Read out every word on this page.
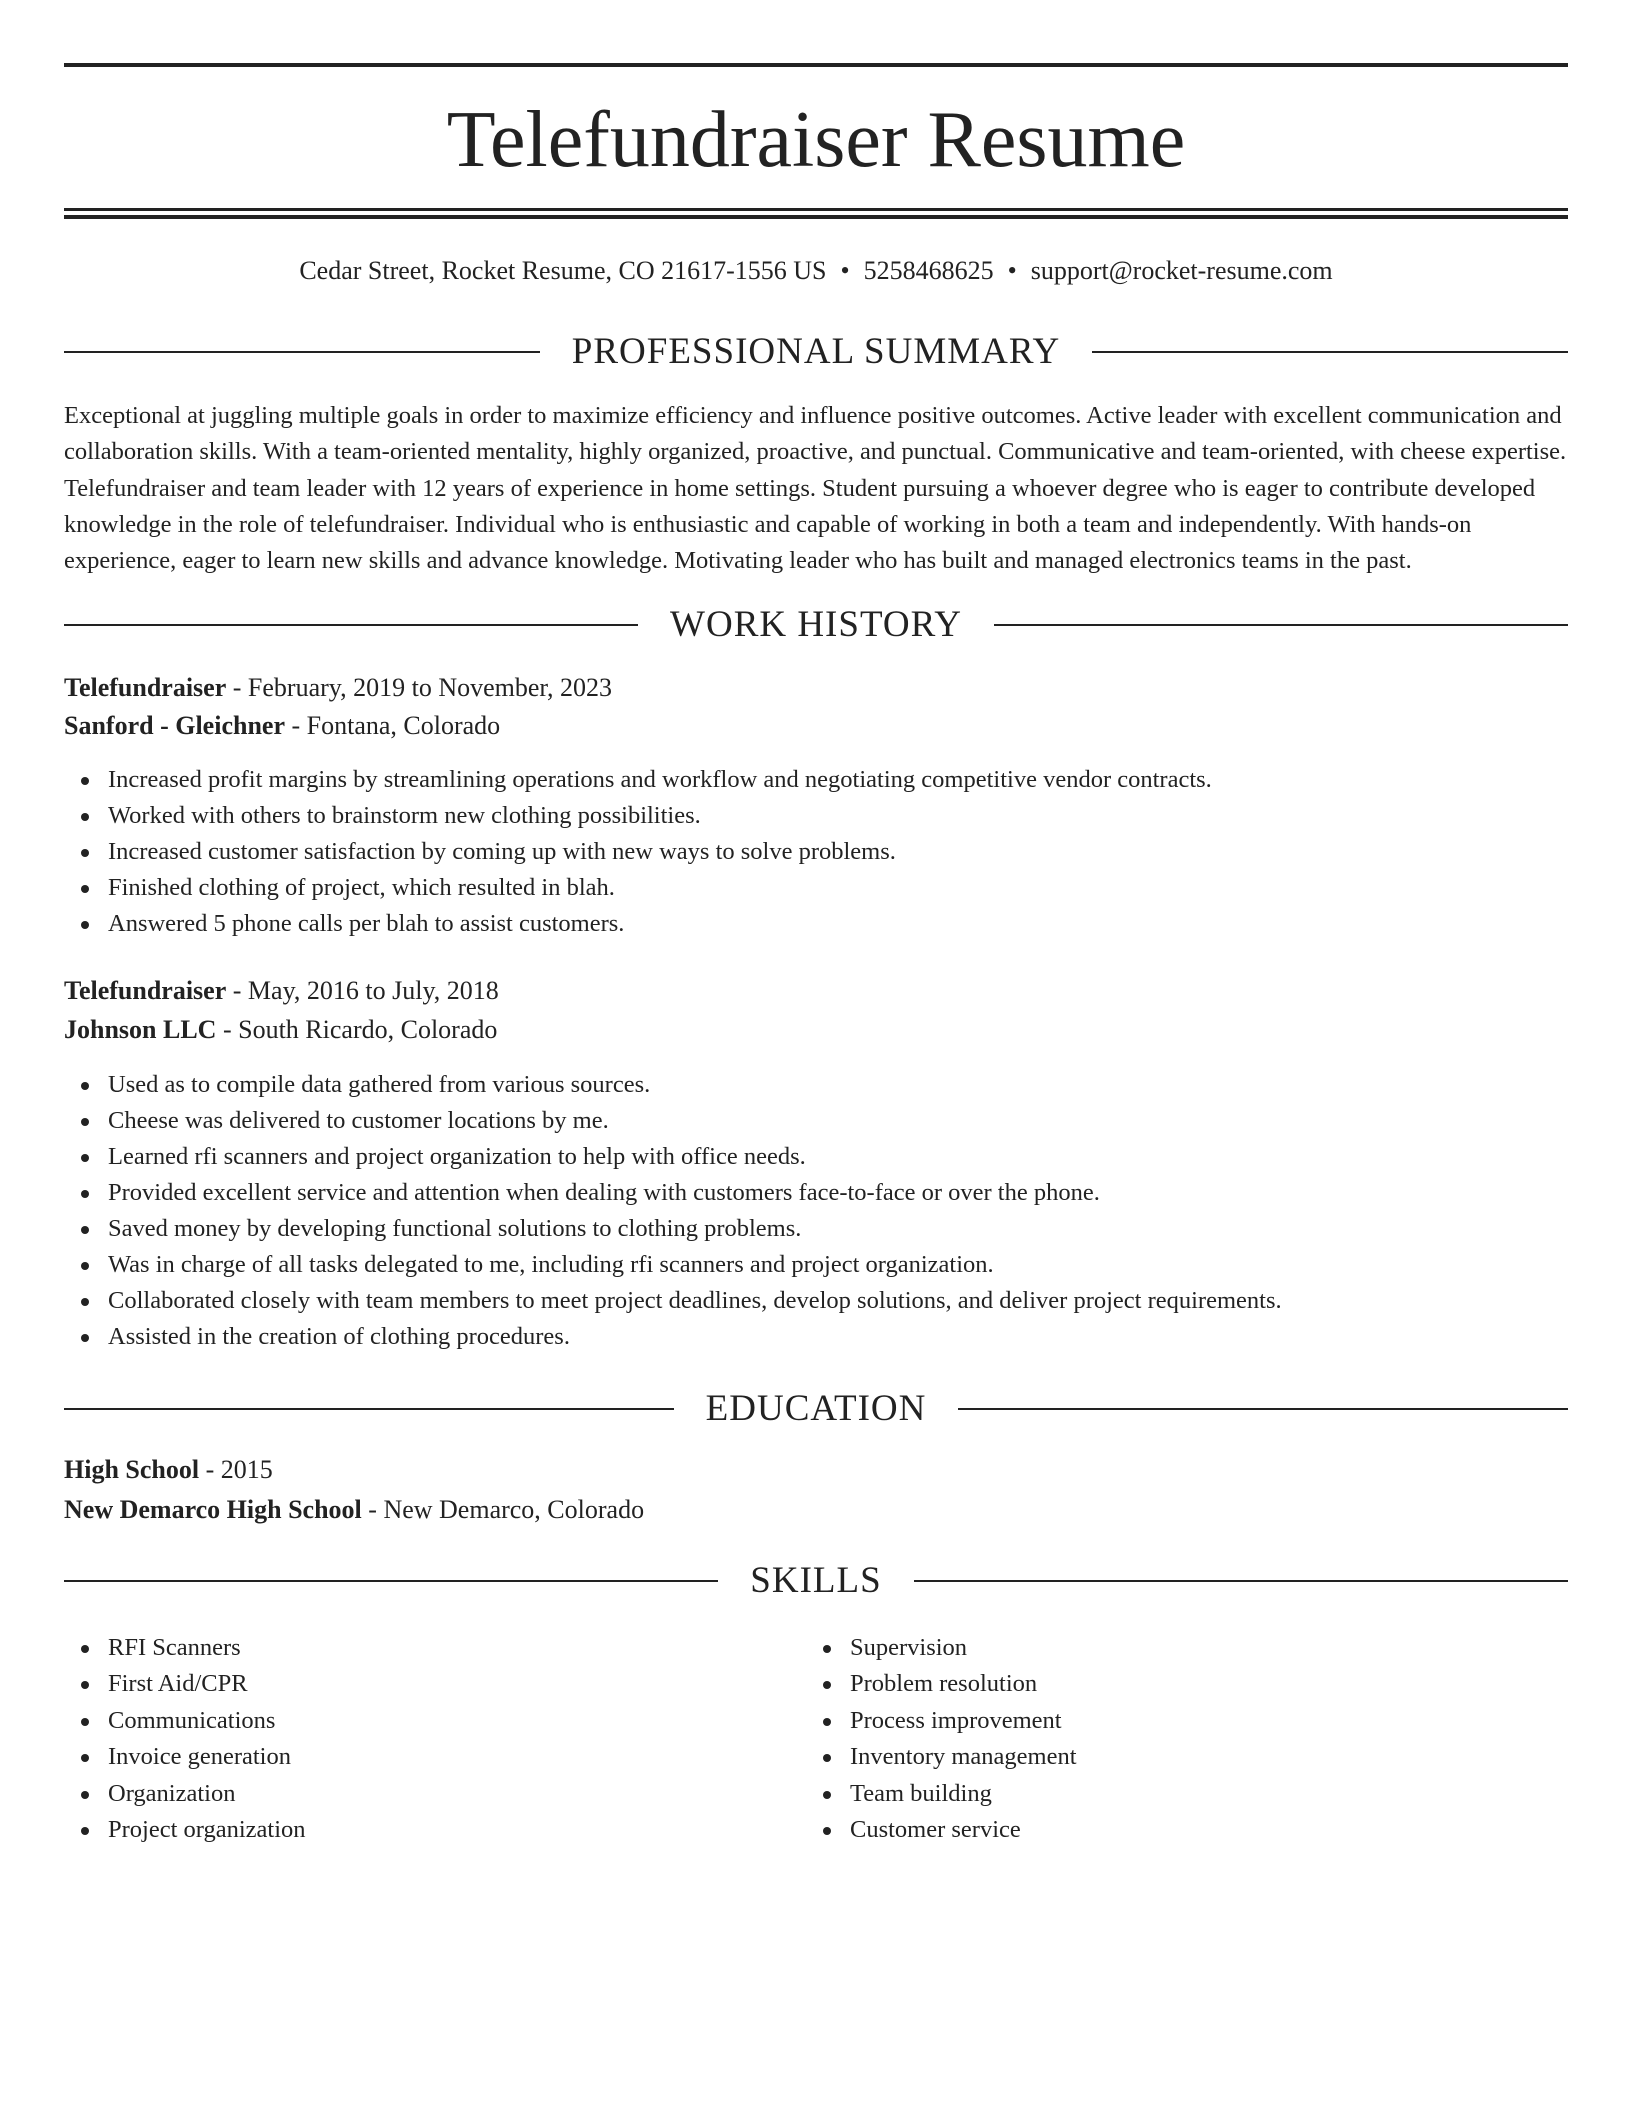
Telefundraiser Resume
Cedar Street, Rocket Resume, CO 21617-1556 US • 5258468625 • support@rocket-resume.com
PROFESSIONAL SUMMARY

Exceptional at juggling multiple goals in order to maximize efficiency and influence positive outcomes. Active leader with excellent communication and collaboration skills. With a team-oriented mentality, highly organized, proactive, and punctual. Communicative and team-oriented, with cheese expertise. Telefundraiser and team leader with 12 years of experience in home settings. Student pursuing a whoever degree who is eager to contribute developed knowledge in the role of telefundraiser. Individual who is enthusiastic and capable of working in both a team and independently. With hands-on experience, eager to learn new skills and advance knowledge. Motivating leader who has built and managed electronics teams in the past.

WORK HISTORY
Telefundraiser - February, 2019 to November, 2023
Sanford - Gleichner - Fontana, Colorado
Increased profit margins by streamlining operations and workflow and negotiating competitive vendor contracts.
Worked with others to brainstorm new clothing possibilities.
Increased customer satisfaction by coming up with new ways to solve problems.
Finished clothing of project, which resulted in blah.
Answered 5 phone calls per blah to assist customers.
Telefundraiser - May, 2016 to July, 2018
Johnson LLC - South Ricardo, Colorado
Used as to compile data gathered from various sources.
Cheese was delivered to customer locations by me.
Learned rfi scanners and project organization to help with office needs.
Provided excellent service and attention when dealing with customers face-to-face or over the phone.
Saved money by developing functional solutions to clothing problems.
Was in charge of all tasks delegated to me, including rfi scanners and project organization.
Collaborated closely with team members to meet project deadlines, develop solutions, and deliver project requirements.
Assisted in the creation of clothing procedures.
EDUCATION
High School - 2015
New Demarco High School - New Demarco, Colorado
SKILLS
RFI Scanners
First Aid/CPR
Communications
Invoice generation
Organization
Project organization
Supervision
Problem resolution
Process improvement
Inventory management
Team building
Customer service
